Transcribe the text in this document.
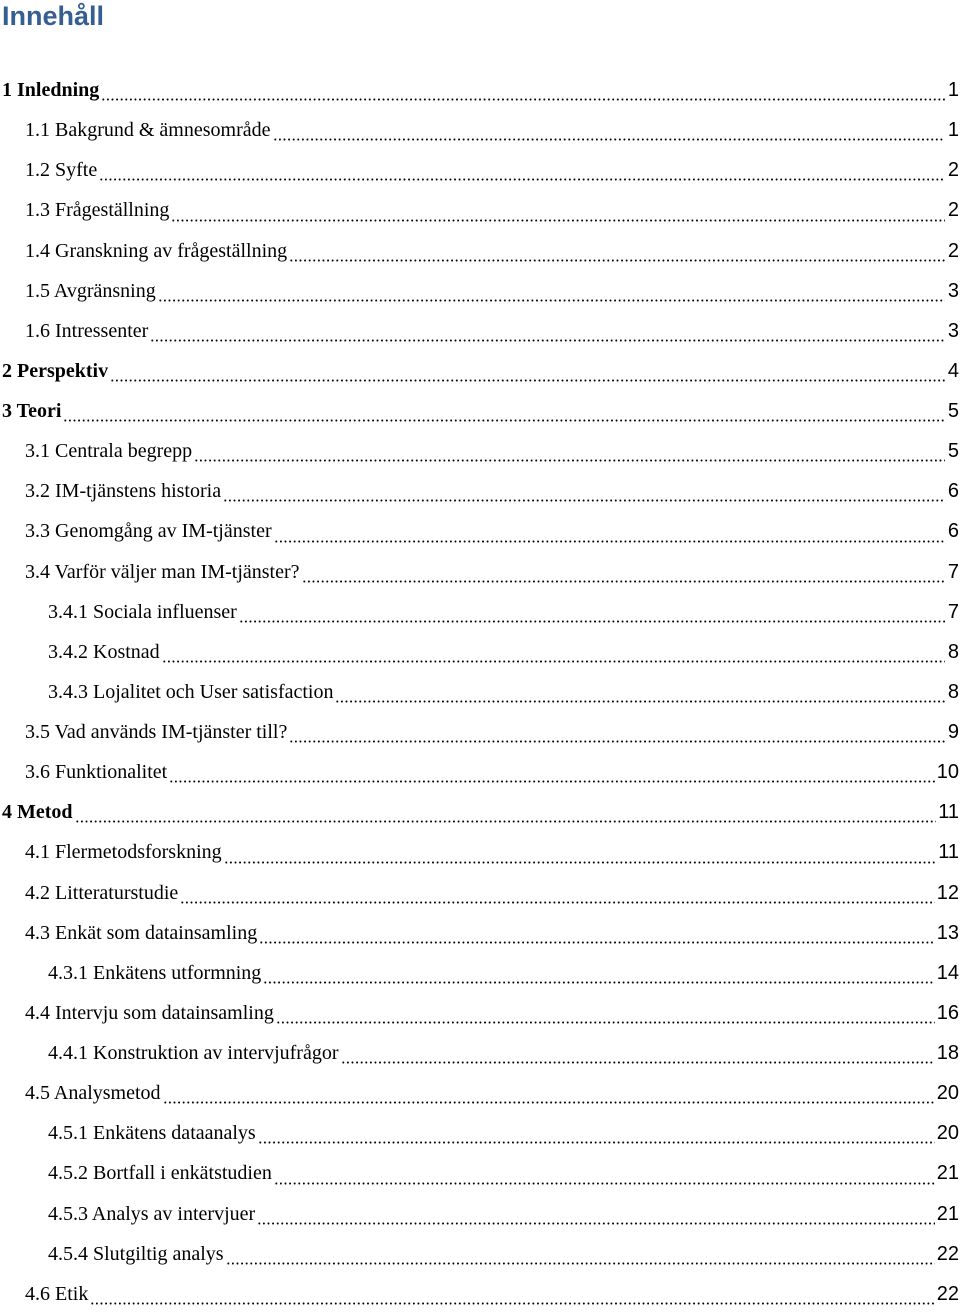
Innehåll
1 Inledning	1
1.1 Bakgrund & ämnesområde	1
1.2 Syfte	2
1.3 Frågeställning	2
1.4 Granskning av frågeställning	2
1.5 Avgränsning	3
1.6 Intressenter	3
2 Perspektiv	4
3 Teori	5
3.1 Centrala begrepp	5
3.2 IM-tjänstens historia	6
3.3 Genomgång av IM-tjänster	6
3.4 Varför väljer man IM-tjänster?	7
3.4.1 Sociala influenser	7
3.4.2 Kostnad	8
3.4.3 Lojalitet och User satisfaction	8
3.5 Vad används IM-tjänster till?	9
3.6 Funktionalitet	10
4 Metod	11
4.1 Flermetodsforskning	11
4.2 Litteraturstudie	12
4.3 Enkät som datainsamling	13
4.3.1 Enkätens utformning	14
4.4 Intervju som datainsamling	16
4.4.1 Konstruktion av intervjufrågor	18
4.5 Analysmetod	20
4.5.1 Enkätens dataanalys	20
4.5.2 Bortfall i enkätstudien	21
4.5.3 Analys av intervjuer	21
4.5.4 Slutgiltig analys	22
4.6 Etik	22
